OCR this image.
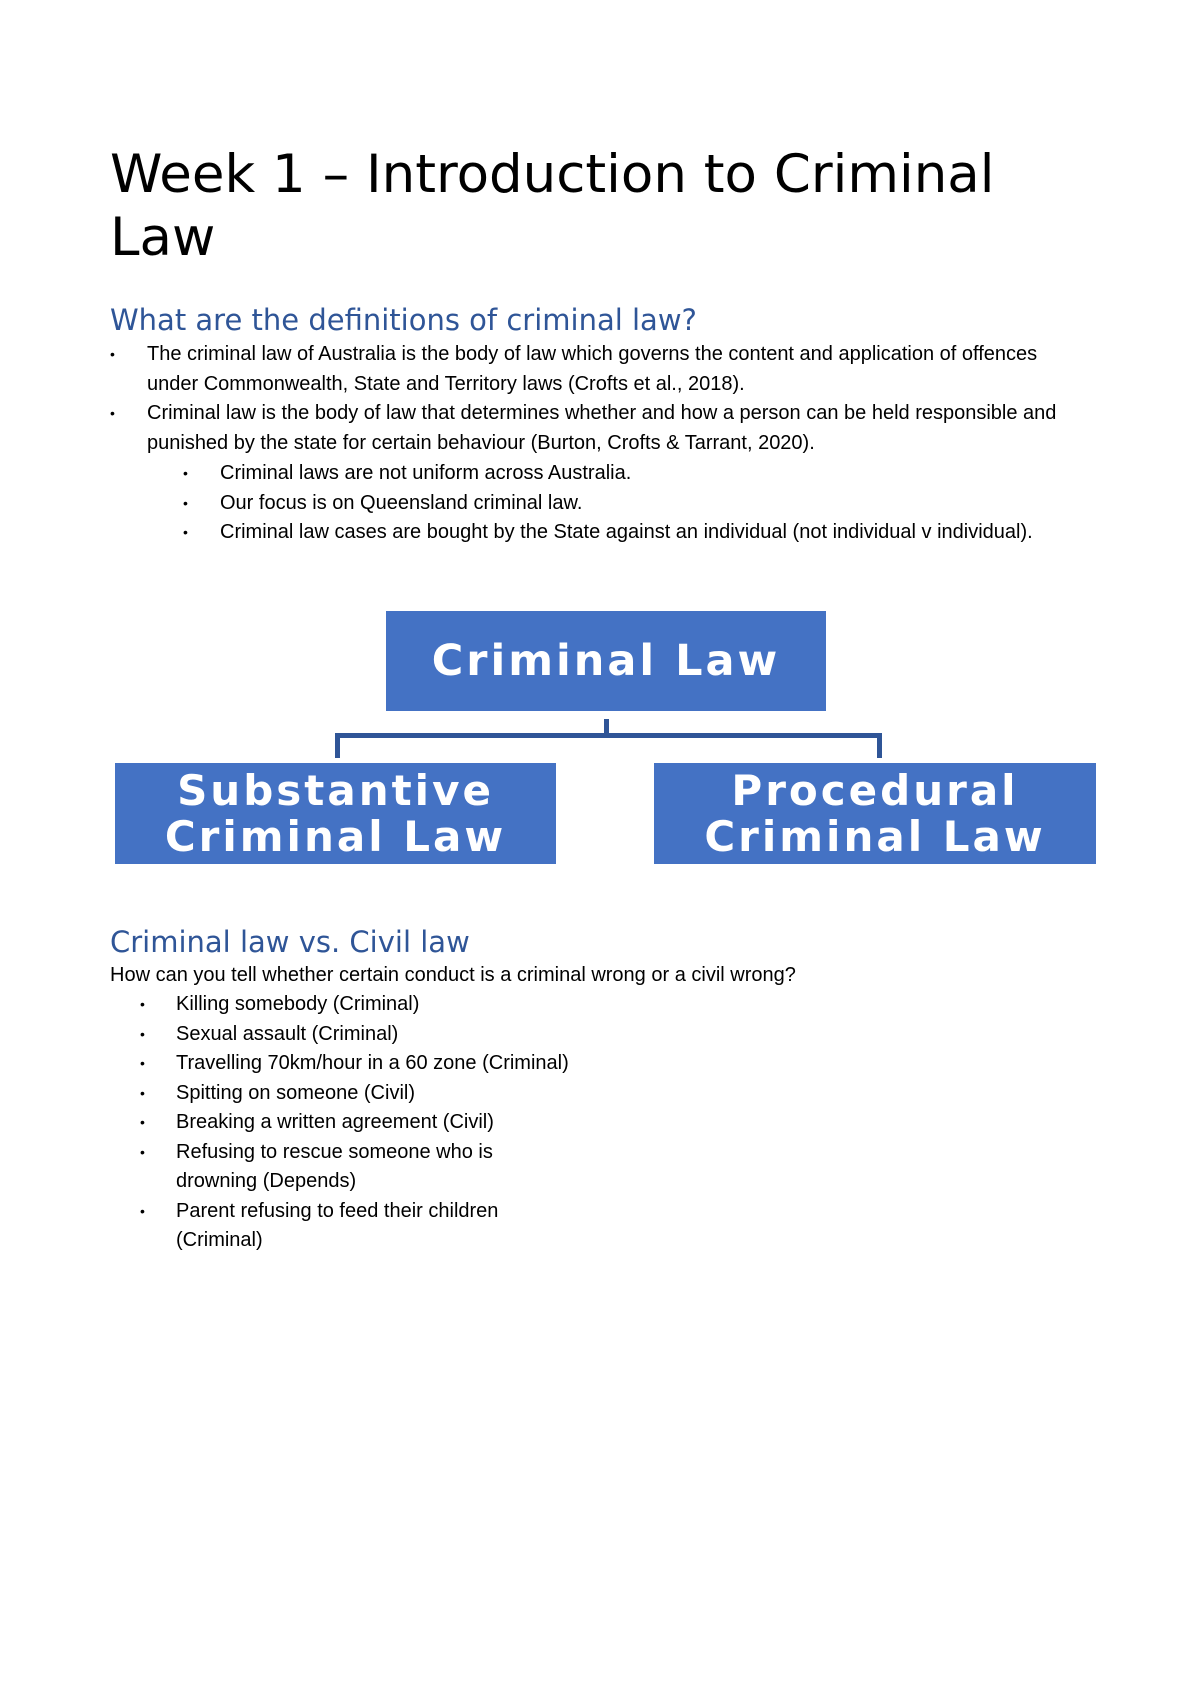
Week 1 – Introduction to Criminal Law
What are the definitions of criminal law?
• The criminal law of Australia is the body of law which governs the content and application of offences under Commonwealth, State and Territory laws (Crofts et al., 2018).
• Criminal law is the body of law that determines whether and how a person can be held responsible and punished by the state for certain behaviour (Burton, Crofts & Tarrant, 2020).
• Criminal laws are not uniform across Australia.
• Our focus is on Queensland criminal law.
• Criminal law cases are bought by the State against an individual (not individual v individual).
Criminal Law
Substantive Criminal Law
Procedural Criminal Law
Criminal law vs. Civil law

How can you tell whether certain conduct is a criminal wrong or a civil wrong?

• Killing somebody (Criminal)
• Sexual assault (Criminal)
• Travelling 70km/hour in a 60 zone (Criminal)
• Spitting on someone (Civil)
• Breaking a written agreement (Civil)
• Refusing to rescue someone who is drowning (Depends)
• Parent refusing to feed their children (Criminal)
